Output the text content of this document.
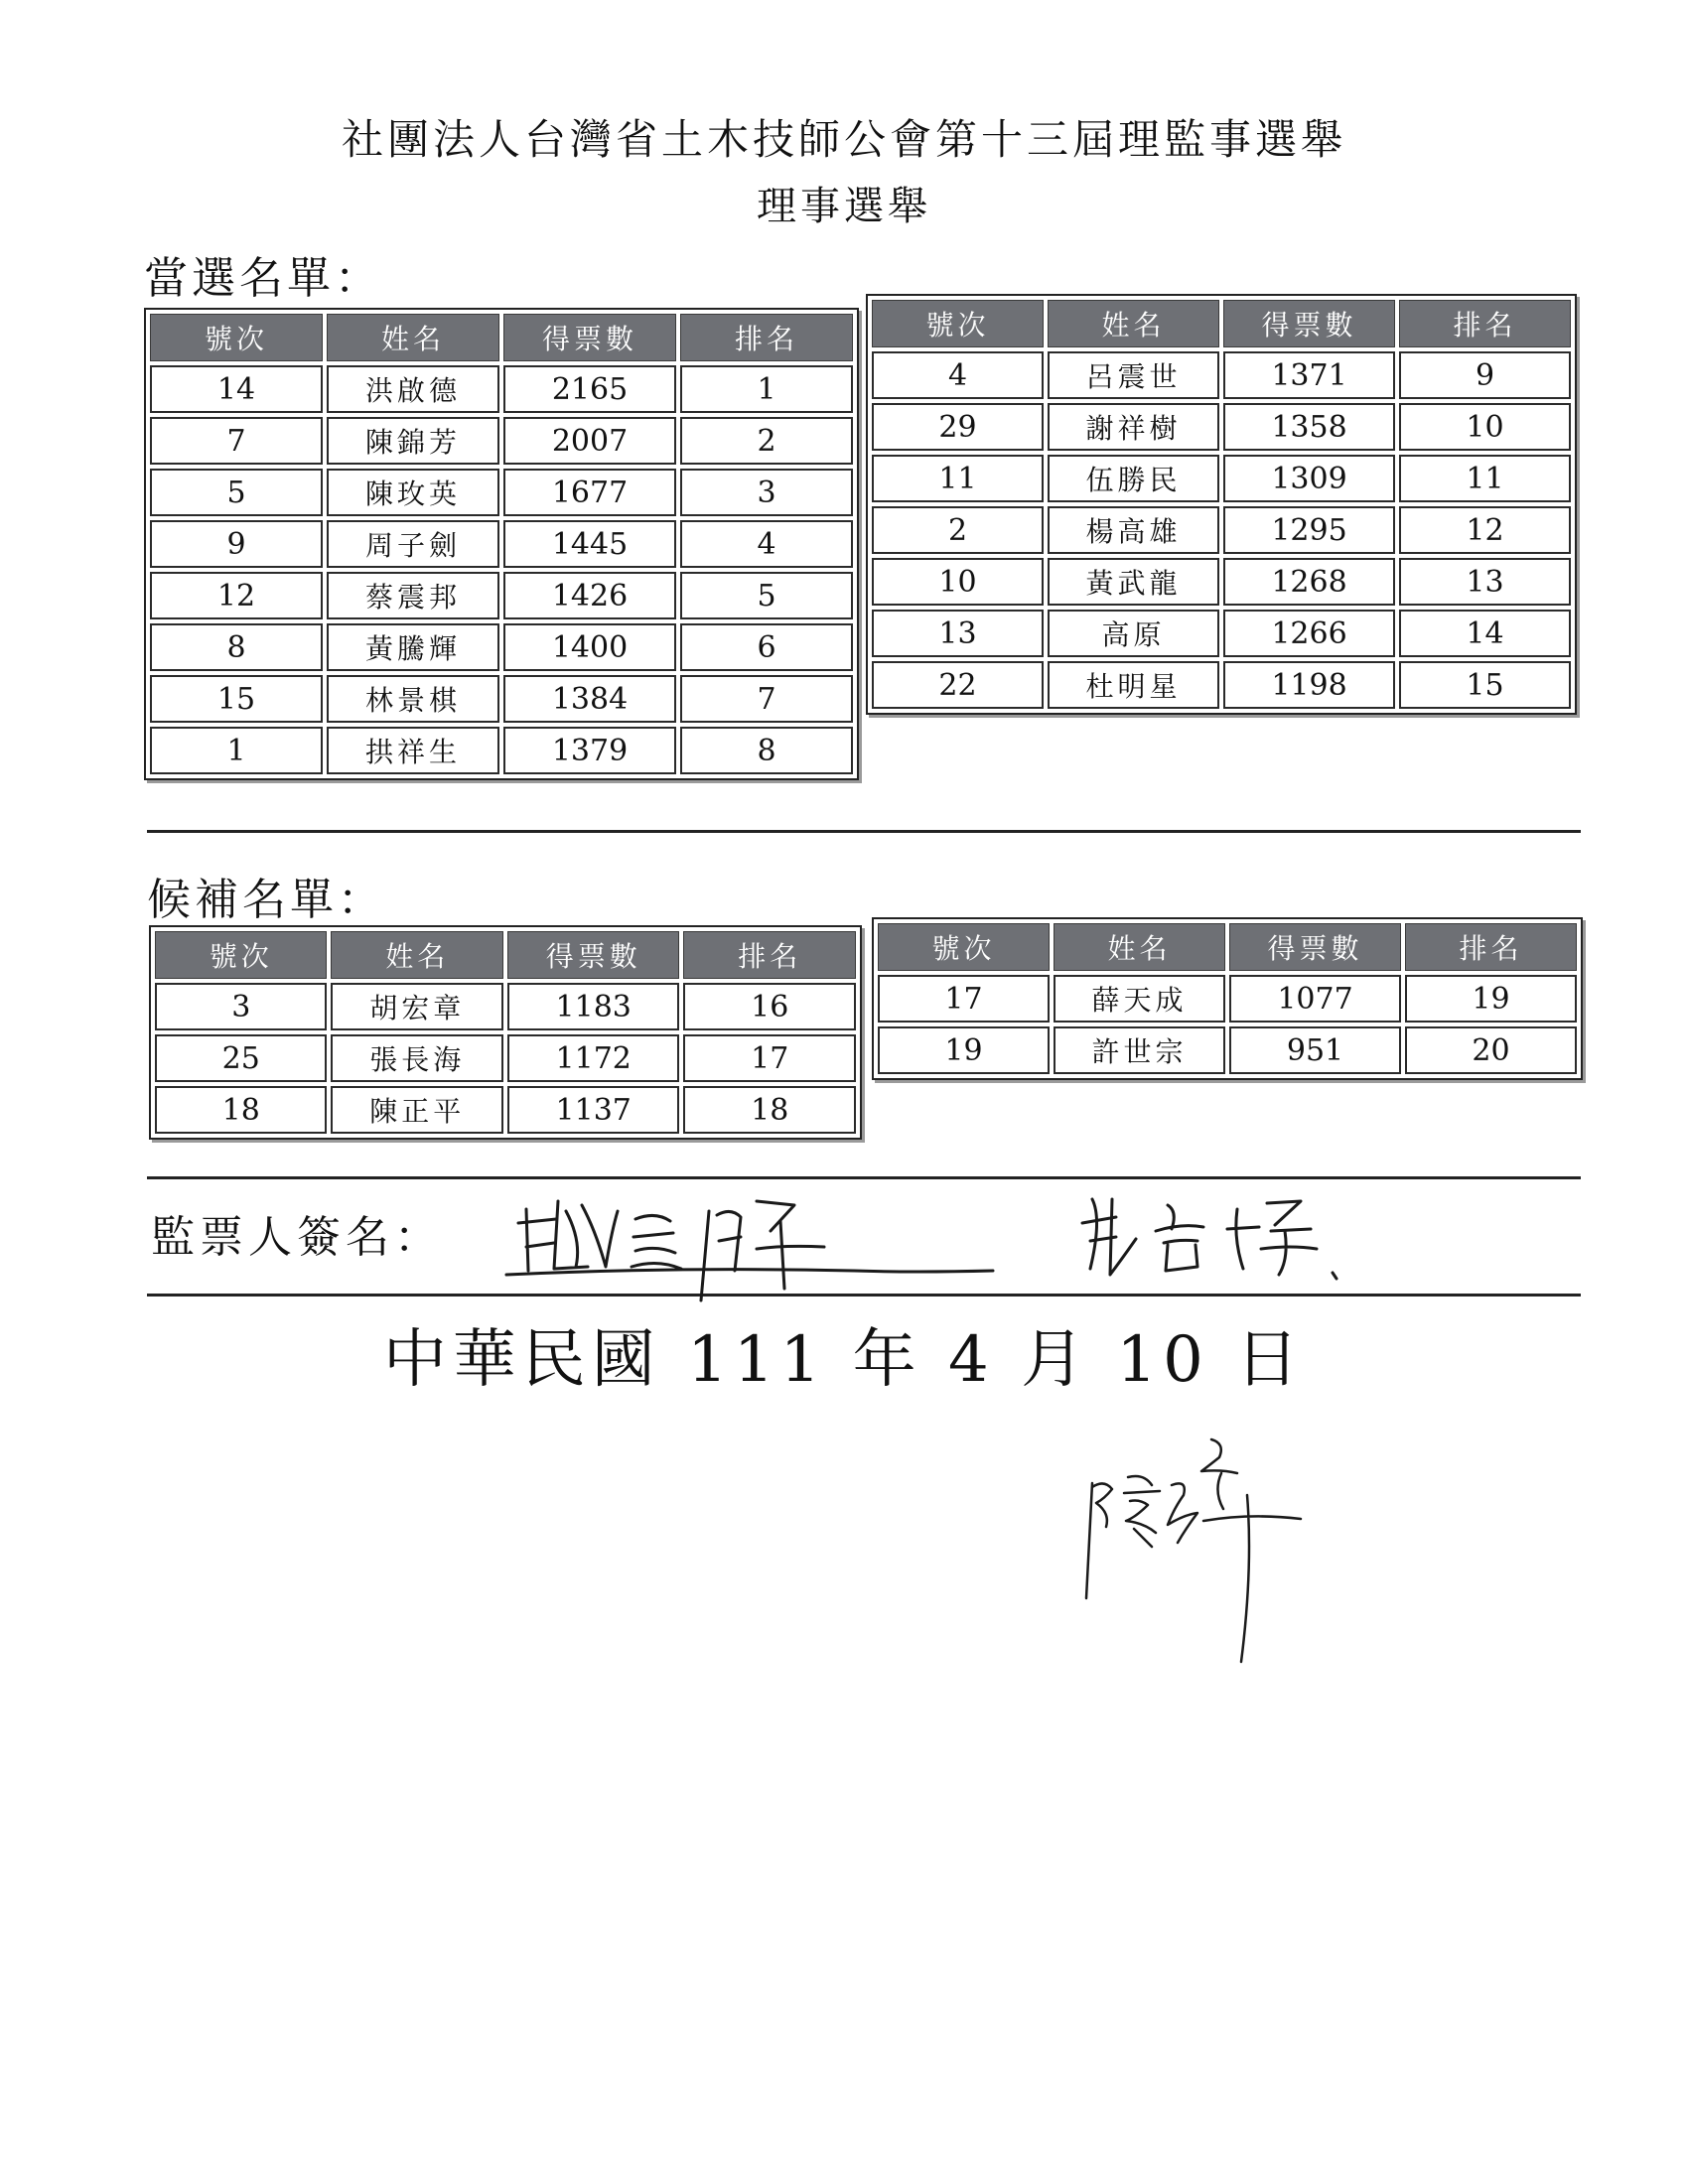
社團法人台灣省土木技師公會第十三屆理監事選舉
理事選舉
當選名單：
號次	姓名	得票數	排名
14	洪啟德	2165	1
7	陳錦芳	2007	2
5	陳玫英	1677	3
9	周子劍	1445	4
12	蔡震邦	1426	5
8	黃騰輝	1400	6
15	林景棋	1384	7
1	拱祥生	1379	8
號次	姓名	得票數	排名
4	呂震世	1371	9
29	謝祥樹	1358	10
11	伍勝民	1309	11
2	楊高雄	1295	12
10	黃武龍	1268	13
13	高原	1266	14
22	杜明星	1198	15
候補名單：
號次	姓名	得票數	排名
3	胡宏章	1183	16
25	張長海	1172	17
18	陳正平	1137	18
號次	姓名	得票數	排名
17	薛天成	1077	19
19	許世宗	951	20
監票人簽名：
中華民國 111 年 4 月 10 日
